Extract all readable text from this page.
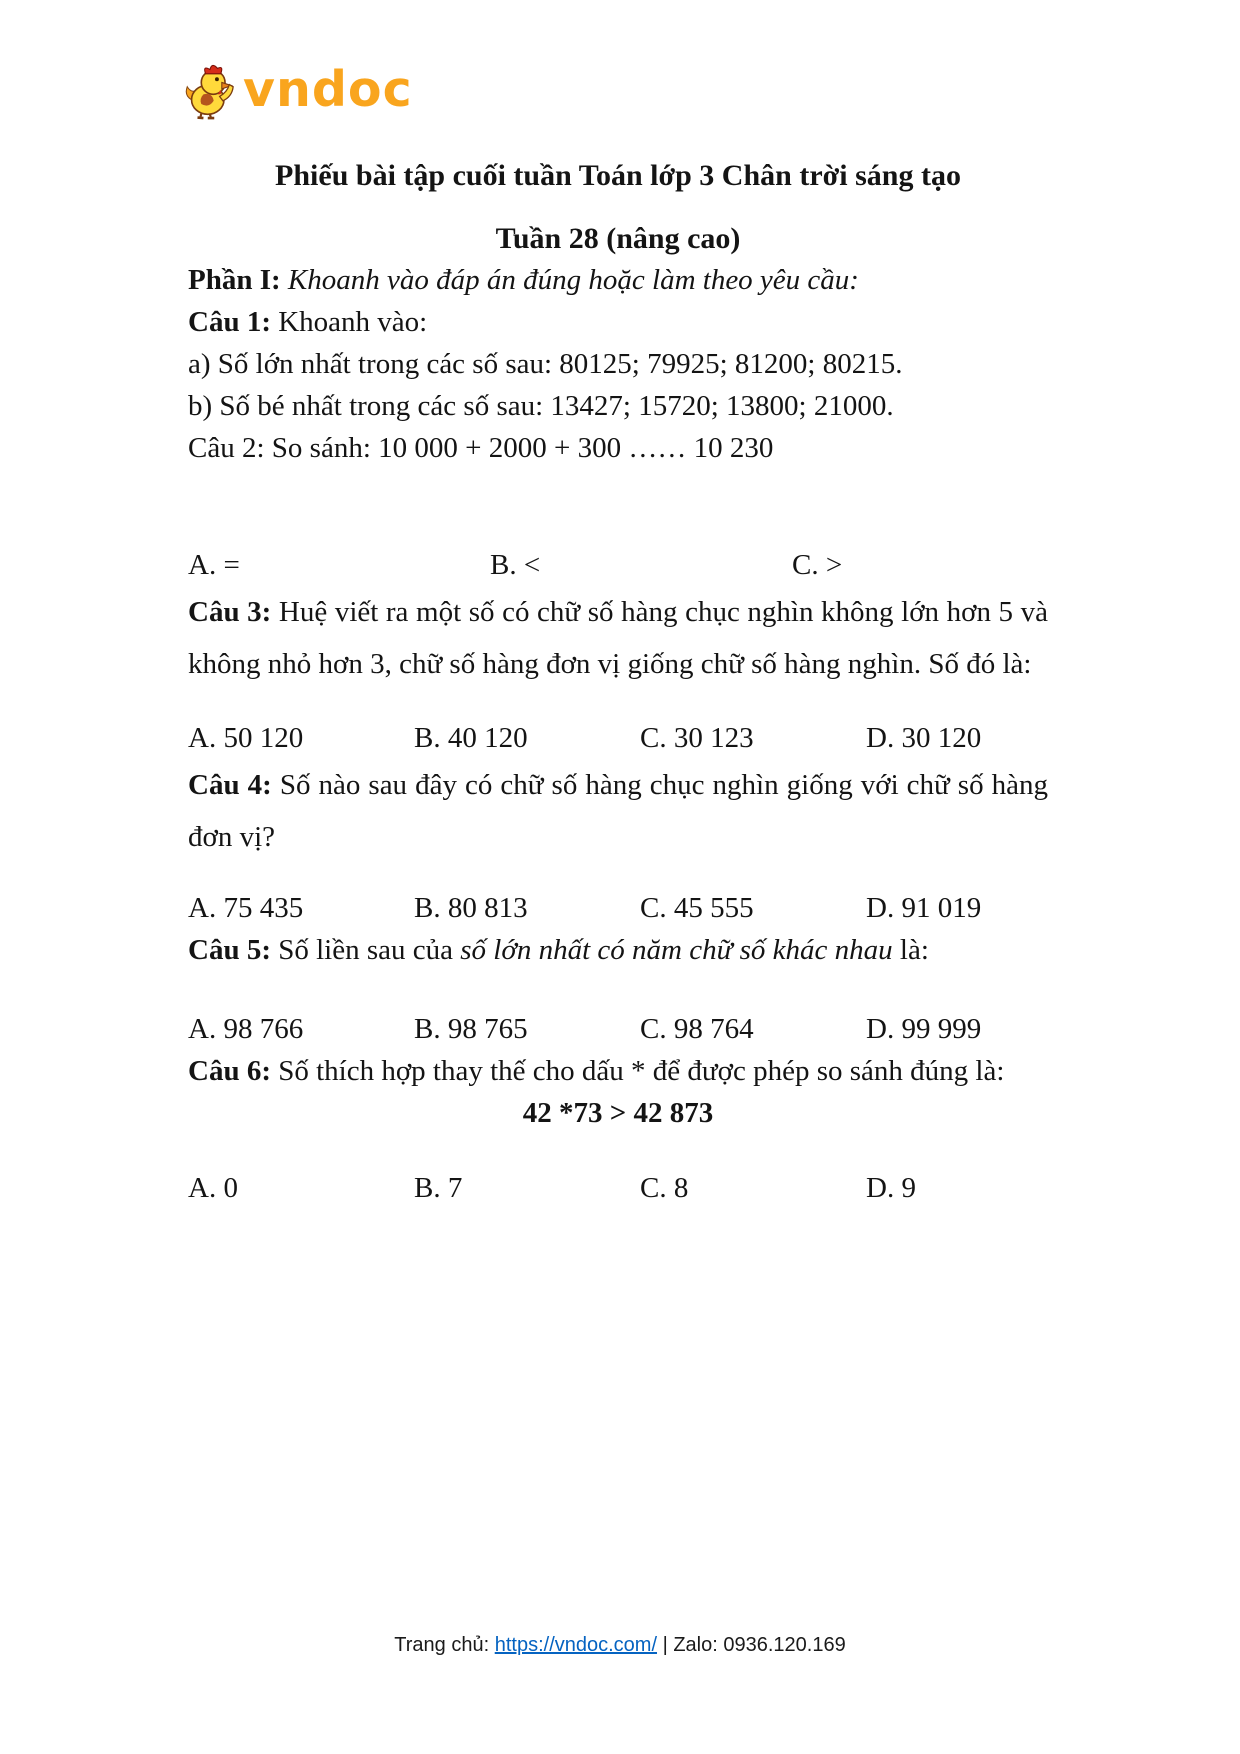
vndoc
Phiếu bài tập cuối tuần Toán lớp 3 Chân trời sáng tạo
Tuần 28 (nâng cao)

Phần I: Khoanh vào đáp án đúng hoặc làm theo yêu cầu:

Câu 1: Khoanh vào:

a) Số lớn nhất trong các số sau: 80125; 79925; 81200; 80215.

b) Số bé nhất trong các số sau: 13427; 15720; 13800; 21000.

Câu 2: So sánh: 10 000 + 2000 + 300 …… 10 230

A. =	B. <	C. >

Câu 3: Huệ viết ra một số có chữ số hàng chục nghìn không lớn hơn 5 và không nhỏ hơn 3, chữ số hàng đơn vị giống chữ số hàng nghìn. Số đó là:

A. 50 120	B. 40 120	C. 30 123	D. 30 120

Câu 4: Số nào sau đây có chữ số hàng chục nghìn giống với chữ số hàng đơn vị?

A. 75 435	B. 80 813	C. 45 555	D. 91 019

Câu 5: Số liền sau của số lớn nhất có năm chữ số khác nhau là:

A. 98 766	B. 98 765	C. 98 764	D. 99 999

Câu 6: Số thích hợp thay thế cho dấu * để được phép so sánh đúng là:

42 *73 > 42 873

A. 0	B. 7	C. 8	D. 9
Trang chủ: https://vndoc.com/ | Zalo: 0936.120.169
